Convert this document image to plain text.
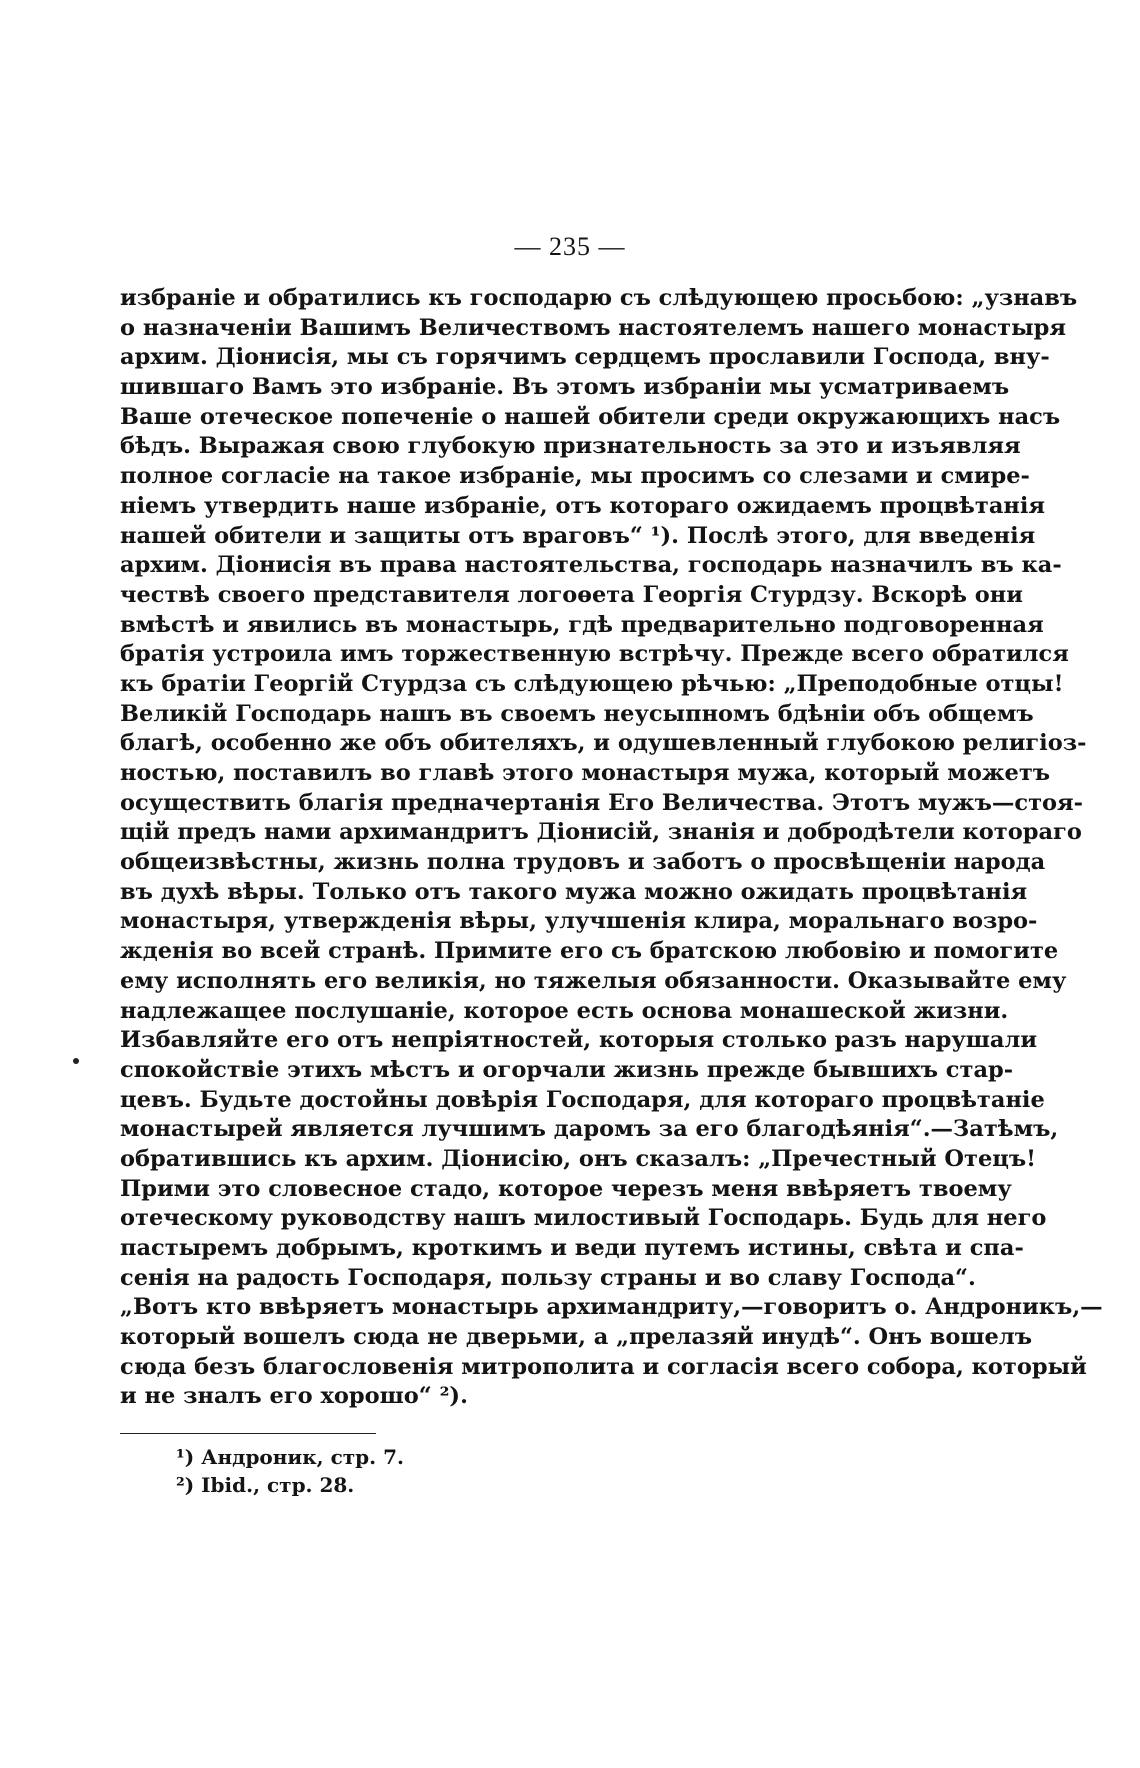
— 235 —
избраніе и обратились къ господарю съ слѣдующею просьбою: „узнавъ
о назначеніи Вашимъ Величествомъ настоятелемъ нашего монастыря
архим. Діонисія, мы съ горячимъ сердцемъ прославили Господа, вну-
шившаго Вамъ это избраніе. Въ этомъ избраніи мы усматриваемъ
Ваше отеческое попеченіе о нашей обители среди окружающихъ насъ
бѣдъ. Выражая свою глубокую признательность за это и изъявляя
полное согласіе на такое избраніе, мы просимъ со слезами и смире-
ніемъ утвердить наше избраніе, отъ котораго ожидаемъ процвѣтанія
нашей обители и защиты отъ враговъ“ ¹). Послѣ этого, для введенія
архим. Діонисія въ права настоятельства, господарь назначилъ въ ка-
чествѣ своего представителя логоѳета Георгія Стурдзу. Вскорѣ они
вмѣстѣ и явились въ монастырь, гдѣ предварительно подговоренная
братія устроила имъ торжественную встрѣчу. Прежде всего обратился
къ братіи Георгій Стурдза съ слѣдующею рѣчью: „Преподобные отцы!
Великій Господарь нашъ въ своемъ неусыпномъ бдѣніи объ общемъ
благѣ, особенно же объ обителяхъ, и одушевленный глубокою религіоз-
ностью, поставилъ во главѣ этого монастыря мужа, который можетъ
осуществить благія предначертанія Его Величества. Этотъ мужъ—стоя-
щій предъ нами архимандритъ Діонисій, знанія и добродѣтели котораго
общеизвѣстны, жизнь полна трудовъ и заботъ о просвѣщеніи народа
въ духѣ вѣры. Только отъ такого мужа можно ожидать процвѣтанія
монастыря, утвержденія вѣры, улучшенія клира, моральнаго возро-
жденія во всей странѣ. Примите его съ братскою любовію и помогите
ему исполнять его великія, но тяжелыя обязанности. Оказывайте ему
надлежащее послушаніе, которое есть основа монашеской жизни.
Избавляйте его отъ непріятностей, которыя столько разъ нарушали
спокойствіе этихъ мѣстъ и огорчали жизнь прежде бывшихъ стар-
цевъ. Будьте достойны довѣрія Господаря, для котораго процвѣтаніе
монастырей является лучшимъ даромъ за его благодѣянія“.—Затѣмъ,
обратившись къ архим. Діонисію, онъ сказалъ: „Пречестный Отецъ!
Прими это словесное стадо, которое черезъ меня ввѣряетъ твоему
отеческому руководству нашъ милостивый Господарь. Будь для него
пастыремъ добрымъ, кроткимъ и веди путемъ истины, свѣта и спа-
сенія на радость Господаря, пользу страны и во славу Господа“.
„Вотъ кто ввѣряетъ монастырь архимандриту,—говоритъ о. Андроникъ,—
который вошелъ сюда не дверьми, а „прелазяй инудѣ“. Онъ вошелъ
сюда безъ благословенія митрополита и согласія всего собора, который
и не зналъ его хорошо“ ²).
¹) Андроник, стр. 7.
²) Ibid., стр. 28.
